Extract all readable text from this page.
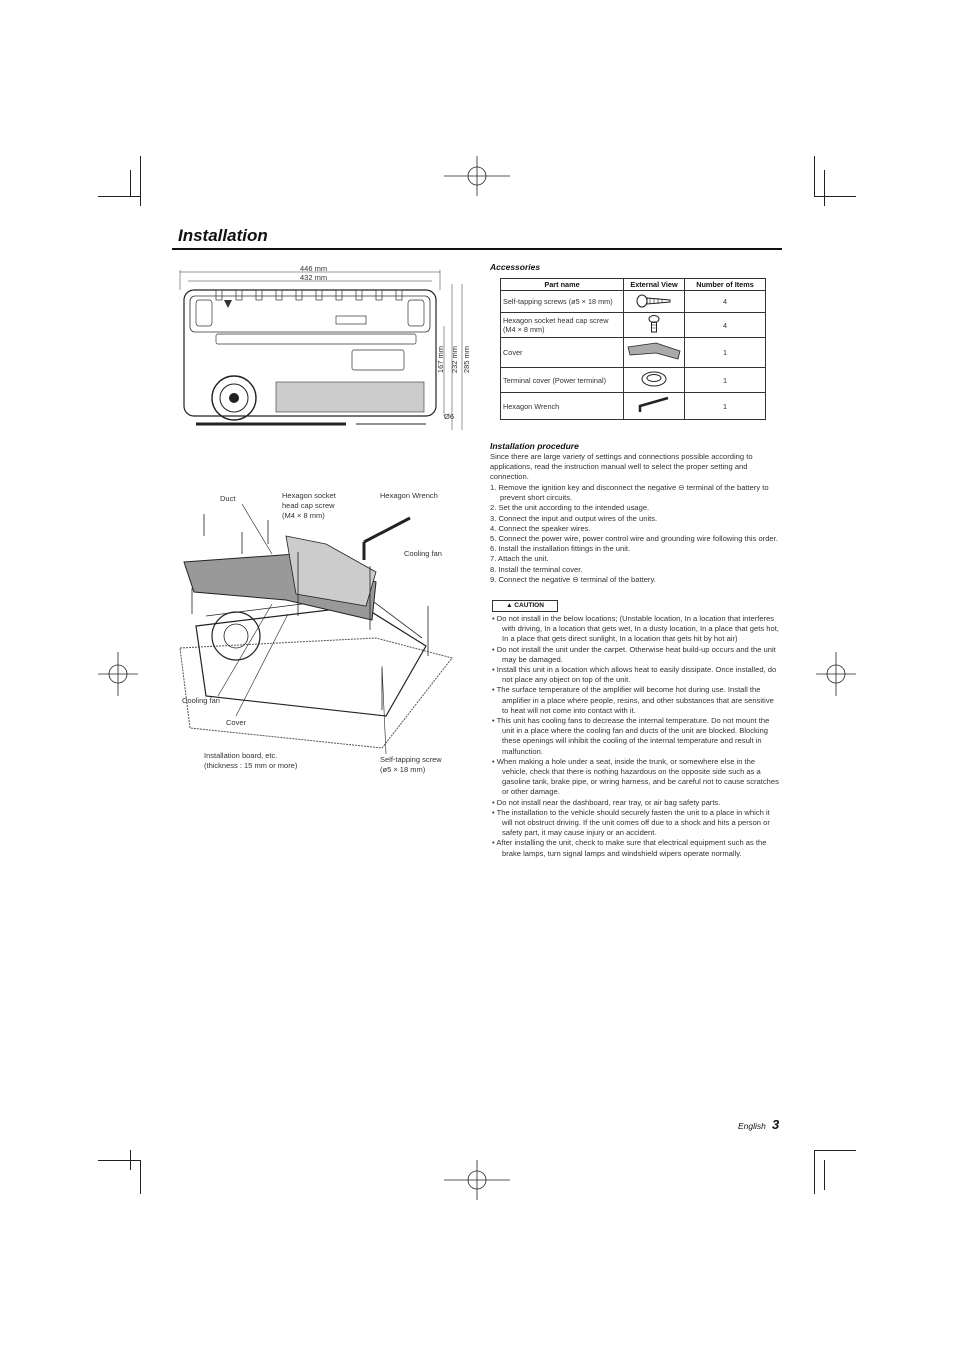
Installation
446 mm
432 mm
167 mm 232 mm 285 mm
Ø6
Duct	Hexagon socket
head cap screw
(M4 × 8 mm)
Hexagon Wrench
Cooling fan
Cooling fan
Cover
Installation board, etc.
(thickness : 15 mm or more)
Self-tapping screw
(ø5 × 18 mm)
Accessories
Part name	External View	Number of Items
Self-tapping screws (ø5 × 18 mm)		4
Hexagon socket head cap screw (M4 × 8 mm)		4
Cover		1
Terminal cover (Power terminal)		1
Hexagon Wrench		1
Installation procedure
Since there are large variety of settings and connections possible according to applications, read the instruction manual well to select the proper setting and connection.
1. Remove the ignition key and disconnect the negative ⊖ terminal of the battery to prevent short circuits.
2. Set the unit according to the intended usage.
3. Connect the input and output wires of the units.
4. Connect the speaker wires.
5. Connect the power wire, power control wire and grounding wire following this order.
6. Install the installation fittings in the unit.
7. Attach the unit.
8. Install the terminal cover.
9. Connect the negative ⊖ terminal of the battery.
▲ CAUTION
• Do not install in the below locations; (Unstable location, In a location that interferes with driving, In a location that gets wet, In a dusty location, In a place that gets hot, In a place that gets direct sunlight, In a location that gets hit by hot air)
• Do not install the unit under the carpet. Otherwise heat build-up occurs and the unit may be damaged.
• Install this unit in a location which allows heat to easily dissipate. Once installed, do not place any object on top of the unit.
• The surface temperature of the amplifier will become hot during use. Install the amplifier in a place where people, resins, and other substances that are sensitive to heat will not come into contact with it.
• This unit has cooling fans to decrease the internal temperature. Do not mount the unit in a place where the cooling fan and ducts of the unit are blocked. Blocking these openings will inhibit the cooling of the internal temperature and result in malfunction.
• When making a hole under a seat, inside the trunk, or somewhere else in the vehicle, check that there is nothing hazardous on the opposite side such as a gasoline tank, brake pipe, or wiring harness, and be careful not to cause scratches or other damage.
• Do not install near the dashboard, rear tray, or air bag safety parts.
• The installation to the vehicle should securely fasten the unit to a place in which it will not obstruct driving. If the unit comes off due to a shock and hits a person or safety part, it may cause injury or an accident.
• After installing the unit, check to make sure that electrical equipment such as the brake lamps, turn signal lamps and windshield wipers operate normally.
English 3
